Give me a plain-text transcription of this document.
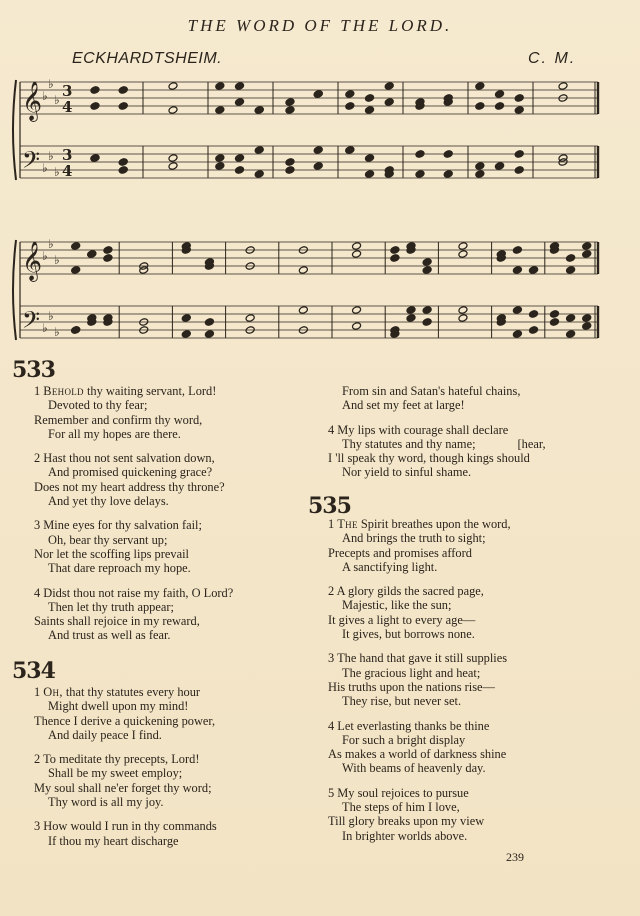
THE WORD OF THE LORD.
ECKHARDTSHEIM.	C. M.
𝄞
𝄢
♭
♭
♭
♭
♭
♭
3
4
3
4
𝄞
𝄢
♭
♭
♭
♭
♭
♭
533
1 Behold thy waiting servant, Lord!
Devoted to thy fear;
Remember and confirm thy word,
For all my hopes are there.
2 Hast thou not sent salvation down,
And promised quickening grace?
Does not my heart address thy throne?
And yet thy love delays.
3 Mine eyes for thy salvation fail;
Oh, bear thy servant up;
Nor let the scoffing lips prevail
That dare reproach my hope.
4 Didst thou not raise my faith, O Lord?
Then let thy truth appear;
Saints shall rejoice in my reward,
And trust as well as fear.
534
1 Oh, that thy statutes every hour
Might dwell upon my mind!
Thence I derive a quickening power,
And daily peace I find.
2 To meditate thy precepts, Lord!
Shall be my sweet employ;
My soul shall ne'er forget thy word;
Thy word is all my joy.
3 How would I run in thy commands
If thou my heart discharge
From sin and Satan's hateful chains,
And set my feet at large!
4 My lips with courage shall declare
Thy statutes and thy name;	[hear,
I 'll speak thy word, though kings should
Nor yield to sinful shame.
535
1 The Spirit breathes upon the word,
And brings the truth to sight;
Precepts and promises afford
A sanctifying light.
2 A glory gilds the sacred page,
Majestic, like the sun;
It gives a light to every age—
It gives, but borrows none.
3 The hand that gave it still supplies
The gracious light and heat;
His truths upon the nations rise—
They rise, but never set.
4 Let everlasting thanks be thine
For such a bright display
As makes a world of darkness shine
With beams of heavenly day.
5 My soul rejoices to pursue
The steps of him I love,
Till glory breaks upon my view
In brighter worlds above.
239
